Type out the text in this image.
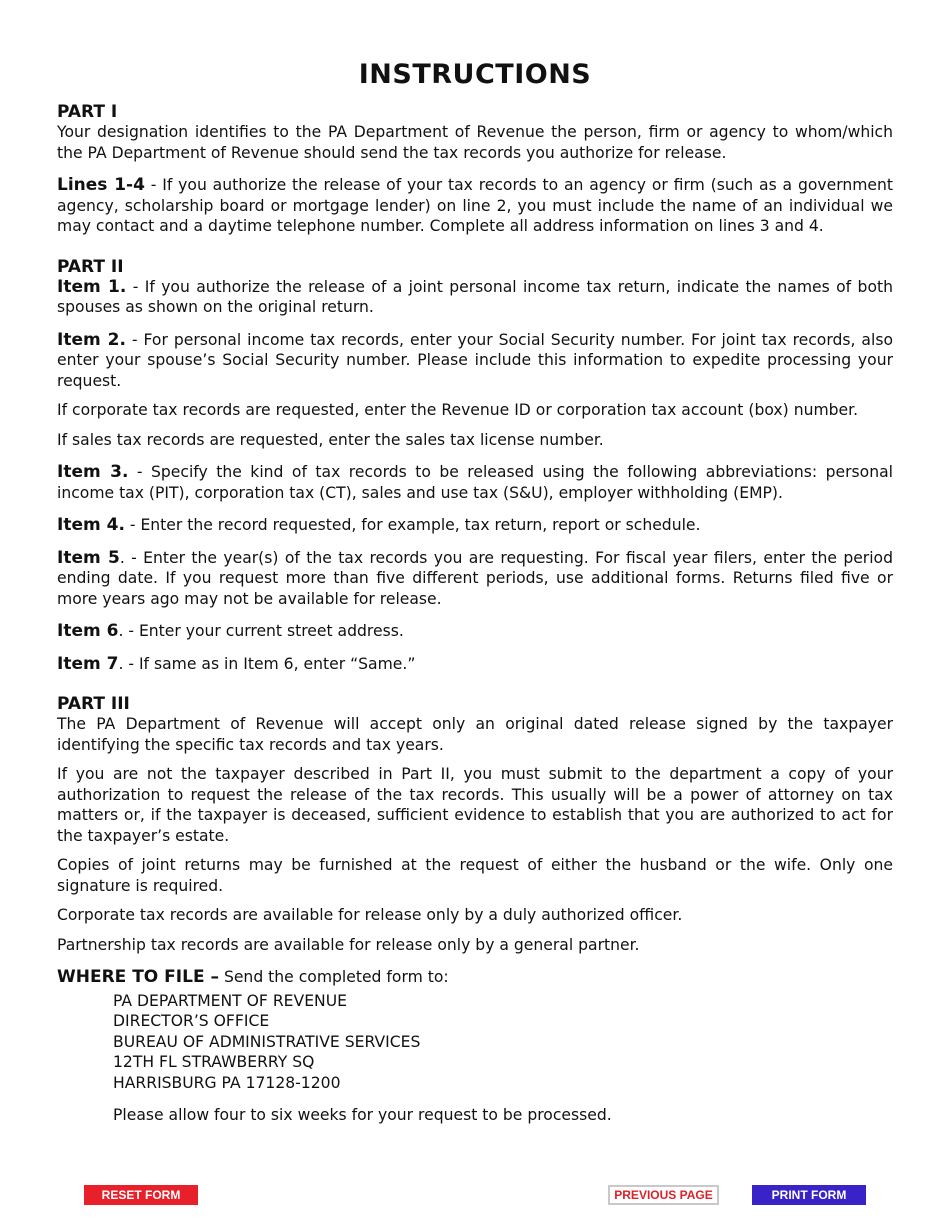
INSTRUCTIONS
PART I

Your designation identifies to the PA Department of Revenue the person, firm or agency to whom/which the PA Department of Revenue should send the tax records you authorize for release.

Lines 1-4 - If you authorize the release of your tax records to an agency or firm (such as a government agency, scholarship board or mortgage lender) on line 2, you must include the name of an individual we may contact and a daytime telephone number. Complete all address information on lines 3 and 4.

PART II

Item 1. - If you authorize the release of a joint personal income tax return, indicate the names of both spouses as shown on the original return.

Item 2. - For personal income tax records, enter your Social Security number. For joint tax records, also enter your spouse’s Social Security number. Please include this information to expedite processing your request.

If corporate tax records are requested, enter the Revenue ID or corporation tax account (box) number.

If sales tax records are requested, enter the sales tax license number.

Item 3. - Specify the kind of tax records to be released using the following abbreviations: personal income tax (PIT), corporation tax (CT), sales and use tax (S&U), employer withholding (EMP).

Item 4. - Enter the record requested, for example, tax return, report or schedule.

Item 5. - Enter the year(s) of the tax records you are requesting. For fiscal year filers, enter the period ending date. If you request more than five different periods, use additional forms. Returns filed five or more years ago may not be available for release.

Item 6. - Enter your current street address.

Item 7. - If same as in Item 6, enter “Same.”

PART III

The PA Department of Revenue will accept only an original dated release signed by the taxpayer identifying the specific tax records and tax years.

If you are not the taxpayer described in Part II, you must submit to the department a copy of your authorization to request the release of the tax records. This usually will be a power of attorney on tax matters or, if the taxpayer is deceased, sufficient evidence to establish that you are authorized to act for the taxpayer’s estate.

Copies of joint returns may be furnished at the request of either the husband or the wife. Only one signature is required.

Corporate tax records are available for release only by a duly authorized officer.

Partnership tax records are available for release only by a general partner.

WHERE TO FILE – Send the completed form to:
PA DEPARTMENT OF REVENUE
DIRECTOR’S OFFICE
BUREAU OF ADMINISTRATIVE SERVICES
12TH FL STRAWBERRY SQ
HARRISBURG PA 17128-1200
Please allow four to six weeks for your request to be processed.
RESET FORM	PREVIOUS PAGE	PRINT FORM
